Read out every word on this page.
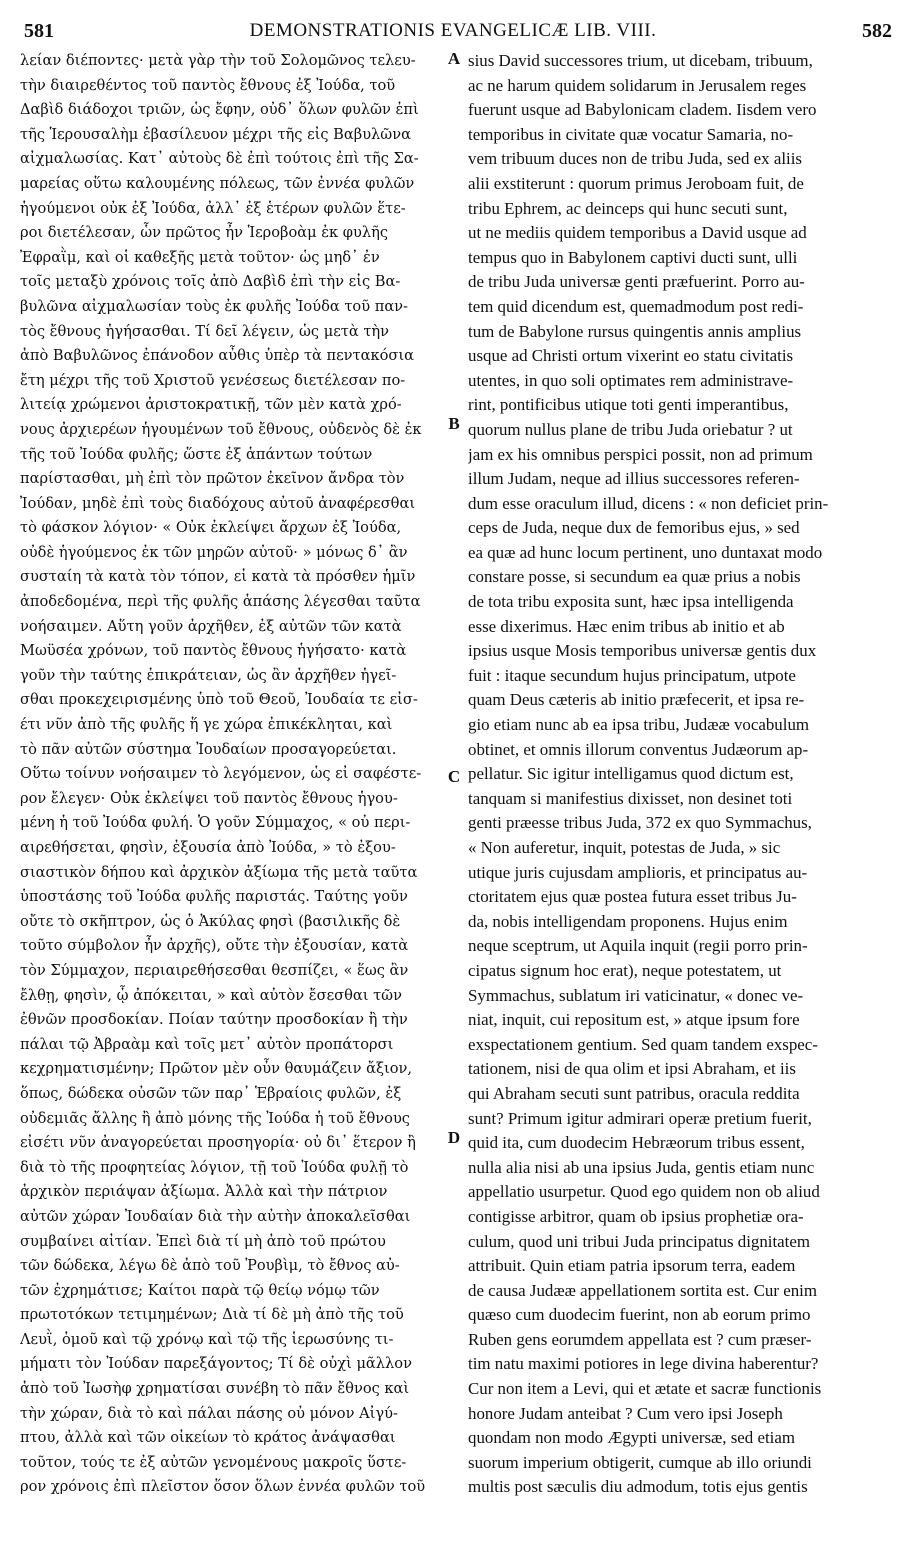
581	DEMONSTRATIONIS EVANGELICÆ LIB. VIII.	582
λείαν διέποντες· μετὰ γὰρ τὴν τοῦ Σολομῶνος τελευ-
τὴν διαιρεθέντος τοῦ παντὸς ἔθνους ἐξ Ἰούδα, τοῦ
Δαβὶδ διάδοχοι τριῶν, ὡς ἔφην, οὐδ᾽ ὅλων φυλῶν ἐπὶ
τῆς Ἱερουσαλὴμ ἐβασίλευον μέχρι τῆς εἰς Βαβυλῶνα
αἰχμαλωσίας. Κατ᾽ αὐτοὺς δὲ ἐπὶ τούτοις ἐπὶ τῆς Σα-
μαρείας οὕτω καλουμένης πόλεως, τῶν ἐννέα φυλῶν
ἡγούμενοι οὐκ ἐξ Ἰούδα, ἀλλ᾽ ἐξ ἑτέρων φυλῶν ἕτε-
ροι διετέλεσαν, ὧν πρῶτος ἦν Ἱεροβοὰμ ἐκ φυλῆς
Ἐφραῒμ, καὶ οἱ καθεξῆς μετὰ τοῦτον· ὡς μηδ᾽ ἐν
τοῖς μεταξὺ χρόνοις τοῖς ἀπὸ Δαβὶδ ἐπὶ τὴν εἰς Βα-
βυλῶνα αἰχμαλωσίαν τοὺς ἐκ φυλῆς Ἰούδα τοῦ παν-
τὸς ἔθνους ἡγήσασθαι. Τί δεῖ λέγειν, ὡς μετὰ τὴν
ἀπὸ Βαβυλῶνος ἐπάνοδον αὖθις ὑπὲρ τὰ πεντακόσια
ἔτη μέχρι τῆς τοῦ Χριστοῦ γενέσεως διετέλεσαν πο-
λιτείᾳ χρώμενοι ἀριστοκρατικῇ, τῶν μὲν κατὰ χρό-
νους ἀρχιερέων ἡγουμένων τοῦ ἔθνους, οὐδενὸς δὲ ἐκ
τῆς τοῦ Ἰούδα φυλῆς; ὥστε ἐξ ἁπάντων τούτων
παρίστασθαι, μὴ ἐπὶ τὸν πρῶτον ἐκεῖνον ἄνδρα τὸν
Ἰούδαν, μηδὲ ἐπὶ τοὺς διαδόχους αὐτοῦ ἀναφέρεσθαι
τὸ φάσκον λόγιον· « Οὐκ ἐκλείψει ἄρχων ἐξ Ἰούδα,
οὐδὲ ἡγούμενος ἐκ τῶν μηρῶν αὐτοῦ· » μόνως δ᾽ ἂν
συσταίη τὰ κατὰ τὸν τόπον, εἰ κατὰ τὰ πρόσθεν ἡμῖν
ἀποδεδομένα, περὶ τῆς φυλῆς ἁπάσης λέγεσθαι ταῦτα
νοήσαιμεν. Αὕτη γοῦν ἀρχῆθεν, ἐξ αὐτῶν τῶν κατὰ
Μωϋσέα χρόνων, τοῦ παντὸς ἔθνους ἡγήσατο· κατὰ
γοῦν τὴν ταύτης ἐπικράτειαν, ὡς ἂν ἀρχῆθεν ἡγεῖ-
σθαι προκεχειρισμένης ὑπὸ τοῦ Θεοῦ, Ἰουδαία τε εἰσ-
έτι νῦν ἀπὸ τῆς φυλῆς ἥ γε χώρα ἐπικέκληται, καὶ
τὸ πᾶν αὐτῶν σύστημα Ἰουδαίων προσαγορεύεται.
Οὕτω τοίνυν νοήσαιμεν τὸ λεγόμενον, ὡς εἰ σαφέστε-
ρον ἔλεγεν· Οὐκ ἐκλείψει τοῦ παντὸς ἔθνους ἡγου-
μένη ἡ τοῦ Ἰούδα φυλή. Ὁ γοῦν Σύμμαχος, « οὐ περι-
αιρεθήσεται, φησὶν, ἐξουσία ἀπὸ Ἰούδα, » τὸ ἐξου-
σιαστικὸν δήπου καὶ ἀρχικὸν ἀξίωμα τῆς μετὰ ταῦτα
ὑποστάσης τοῦ Ἰούδα φυλῆς παριστάς. Ταύτης γοῦν
οὔτε τὸ σκῆπτρον, ὡς ὁ Ἀκύλας φησὶ (βασιλικῆς δὲ
τοῦτο σύμβολον ἦν ἀρχῆς), οὔτε τὴν ἐξουσίαν, κατὰ
τὸν Σύμμαχον, περιαιρεθήσεσθαι θεσπίζει, « ἕως ἂν
ἔλθῃ, φησὶν, ᾧ ἀπόκειται, » καὶ αὐτὸν ἔσεσθαι τῶν
ἐθνῶν προσδοκίαν. Ποίαν ταύτην προσδοκίαν ἢ τὴν
πάλαι τῷ Ἀβραὰμ καὶ τοῖς μετ᾽ αὐτὸν προπάτορσι
κεχρηματισμένην; Πρῶτον μὲν οὖν θαυμάζειν ἄξιον,
ὅπως, δώδεκα οὐσῶν τῶν παρ᾽ Ἑβραίοις φυλῶν, ἐξ
οὐδεμιᾶς ἄλλης ἢ ἀπὸ μόνης τῆς Ἰούδα ἡ τοῦ ἔθνους
εἰσέτι νῦν ἀναγορεύεται προσηγορία· οὐ δι᾽ ἕτερον ἢ
διὰ τὸ τῆς προφητείας λόγιον, τῇ τοῦ Ἰούδα φυλῇ τὸ
ἀρχικὸν περιάψαν ἀξίωμα. Ἀλλὰ καὶ τὴν πάτριον
αὐτῶν χώραν Ἰουδαίαν διὰ τὴν αὐτὴν ἀποκαλεῖσθαι
συμβαίνει αἰτίαν. Ἐπεὶ διὰ τί μὴ ἀπὸ τοῦ πρώτου
τῶν δώδεκα, λέγω δὲ ἀπὸ τοῦ Ῥουβὶμ, τὸ ἔθνος αὐ-
τῶν ἐχρημάτισε; Καίτοι παρὰ τῷ θείῳ νόμῳ τῶν
πρωτοτόκων τετιμημένων; Διὰ τί δὲ μὴ ἀπὸ τῆς τοῦ
Λευῒ, ὁμοῦ καὶ τῷ χρόνῳ καὶ τῷ τῆς ἱερωσύνης τι-
μήματι τὸν Ἰούδαν παρεξάγοντος; Τί δὲ οὐχὶ μᾶλλον
ἀπὸ τοῦ Ἰωσὴφ χρηματίσαι συνέβη τὸ πᾶν ἔθνος καὶ
τὴν χώραν, διὰ τὸ καὶ πάλαι πάσης οὐ μόνον Αἰγύ-
πτου, ἀλλὰ καὶ τῶν οἰκείων τὸ κράτος ἀνάψασθαι
τοῦτον, τούς τε ἐξ αὐτῶν γενομένους μακροῖς ὕστε-
ρον χρόνοις ἐπὶ πλεῖστον ὅσον ὅλων ἐννέα φυλῶν τοῦ
A
B
C
D
sius David successores trium, ut dicebam, tribuum,
ac ne harum quidem solidarum in Jerusalem reges
fuerunt usque ad Babylonicam cladem. Iisdem vero
temporibus in civitate quæ vocatur Samaria, no-
vem tribuum duces non de tribu Juda, sed ex aliis
alii exstiterunt : quorum primus Jeroboam fuit, de
tribu Ephrem, ac deinceps qui hunc secuti sunt,
ut ne mediis quidem temporibus a David usque ad
tempus quo in Babylonem captivi ducti sunt, ulli
de tribu Juda universæ genti præfuerint. Porro au-
tem quid dicendum est, quemadmodum post redi-
tum de Babylone rursus quingentis annis amplius
usque ad Christi ortum vixerint eo statu civitatis
utentes, in quo soli optimates rem administrave-
rint, pontificibus utique toti genti imperantibus,
quorum nullus plane de tribu Juda oriebatur ? ut
jam ex his omnibus perspici possit, non ad primum
illum Judam, neque ad illius successores referen-
dum esse oraculum illud, dicens : « non deficiet prin-
ceps de Juda, neque dux de femoribus ejus, » sed
ea quæ ad hunc locum pertinent, uno duntaxat modo
constare posse, si secundum ea quæ prius a nobis
de tota tribu exposita sunt, hæc ipsa intelligenda
esse dixerimus. Hæc enim tribus ab initio et ab
ipsius usque Mosis temporibus universæ gentis dux
fuit : itaque secundum hujus principatum, utpote
quam Deus cæteris ab initio præfecerit, et ipsa re-
gio etiam nunc ab ea ipsa tribu, Judææ vocabulum
obtinet, et omnis illorum conventus Judæorum ap-
pellatur. Sic igitur intelligamus quod dictum est,
tanquam si manifestius dixisset, non desinet toti
genti præesse tribus Juda, 372 ex quo Symmachus,
« Non auferetur, inquit, potestas de Juda, » sic
utique juris cujusdam amplioris, et principatus au-
ctoritatem ejus quæ postea futura esset tribus Ju-
da, nobis intelligendam proponens. Hujus enim
neque sceptrum, ut Aquila inquit (regii porro prin-
cipatus signum hoc erat), neque potestatem, ut
Symmachus, sublatum iri vaticinatur, « donec ve-
niat, inquit, cui repositum est, » atque ipsum fore
exspectationem gentium. Sed quam tandem exspec-
tationem, nisi de qua olim et ipsi Abraham, et iis
qui Abraham secuti sunt patribus, oracula reddita
sunt? Primum igitur admirari operæ pretium fuerit,
quid ita, cum duodecim Hebræorum tribus essent,
nulla alia nisi ab una ipsius Juda, gentis etiam nunc
appellatio usurpetur. Quod ego quidem non ob aliud
contigisse arbitror, quam ob ipsius prophetiæ ora-
culum, quod uni tribui Juda principatus dignitatem
attribuit. Quin etiam patria ipsorum terra, eadem
de causa Judææ appellationem sortita est. Cur enim
quæso cum duodecim fuerint, non ab eorum primo
Ruben gens eorumdem appellata est ? cum præser-
tim natu maximi potiores in lege divina haberentur?
Cur non item a Levi, qui et ætate et sacræ functionis
honore Judam anteibat ? Cum vero ipsi Joseph
quondam non modo Ægypti universæ, sed etiam
suorum imperium obtigerit, cumque ab illo oriundi
multis post sæculis diu admodum, totis ejus gentis
